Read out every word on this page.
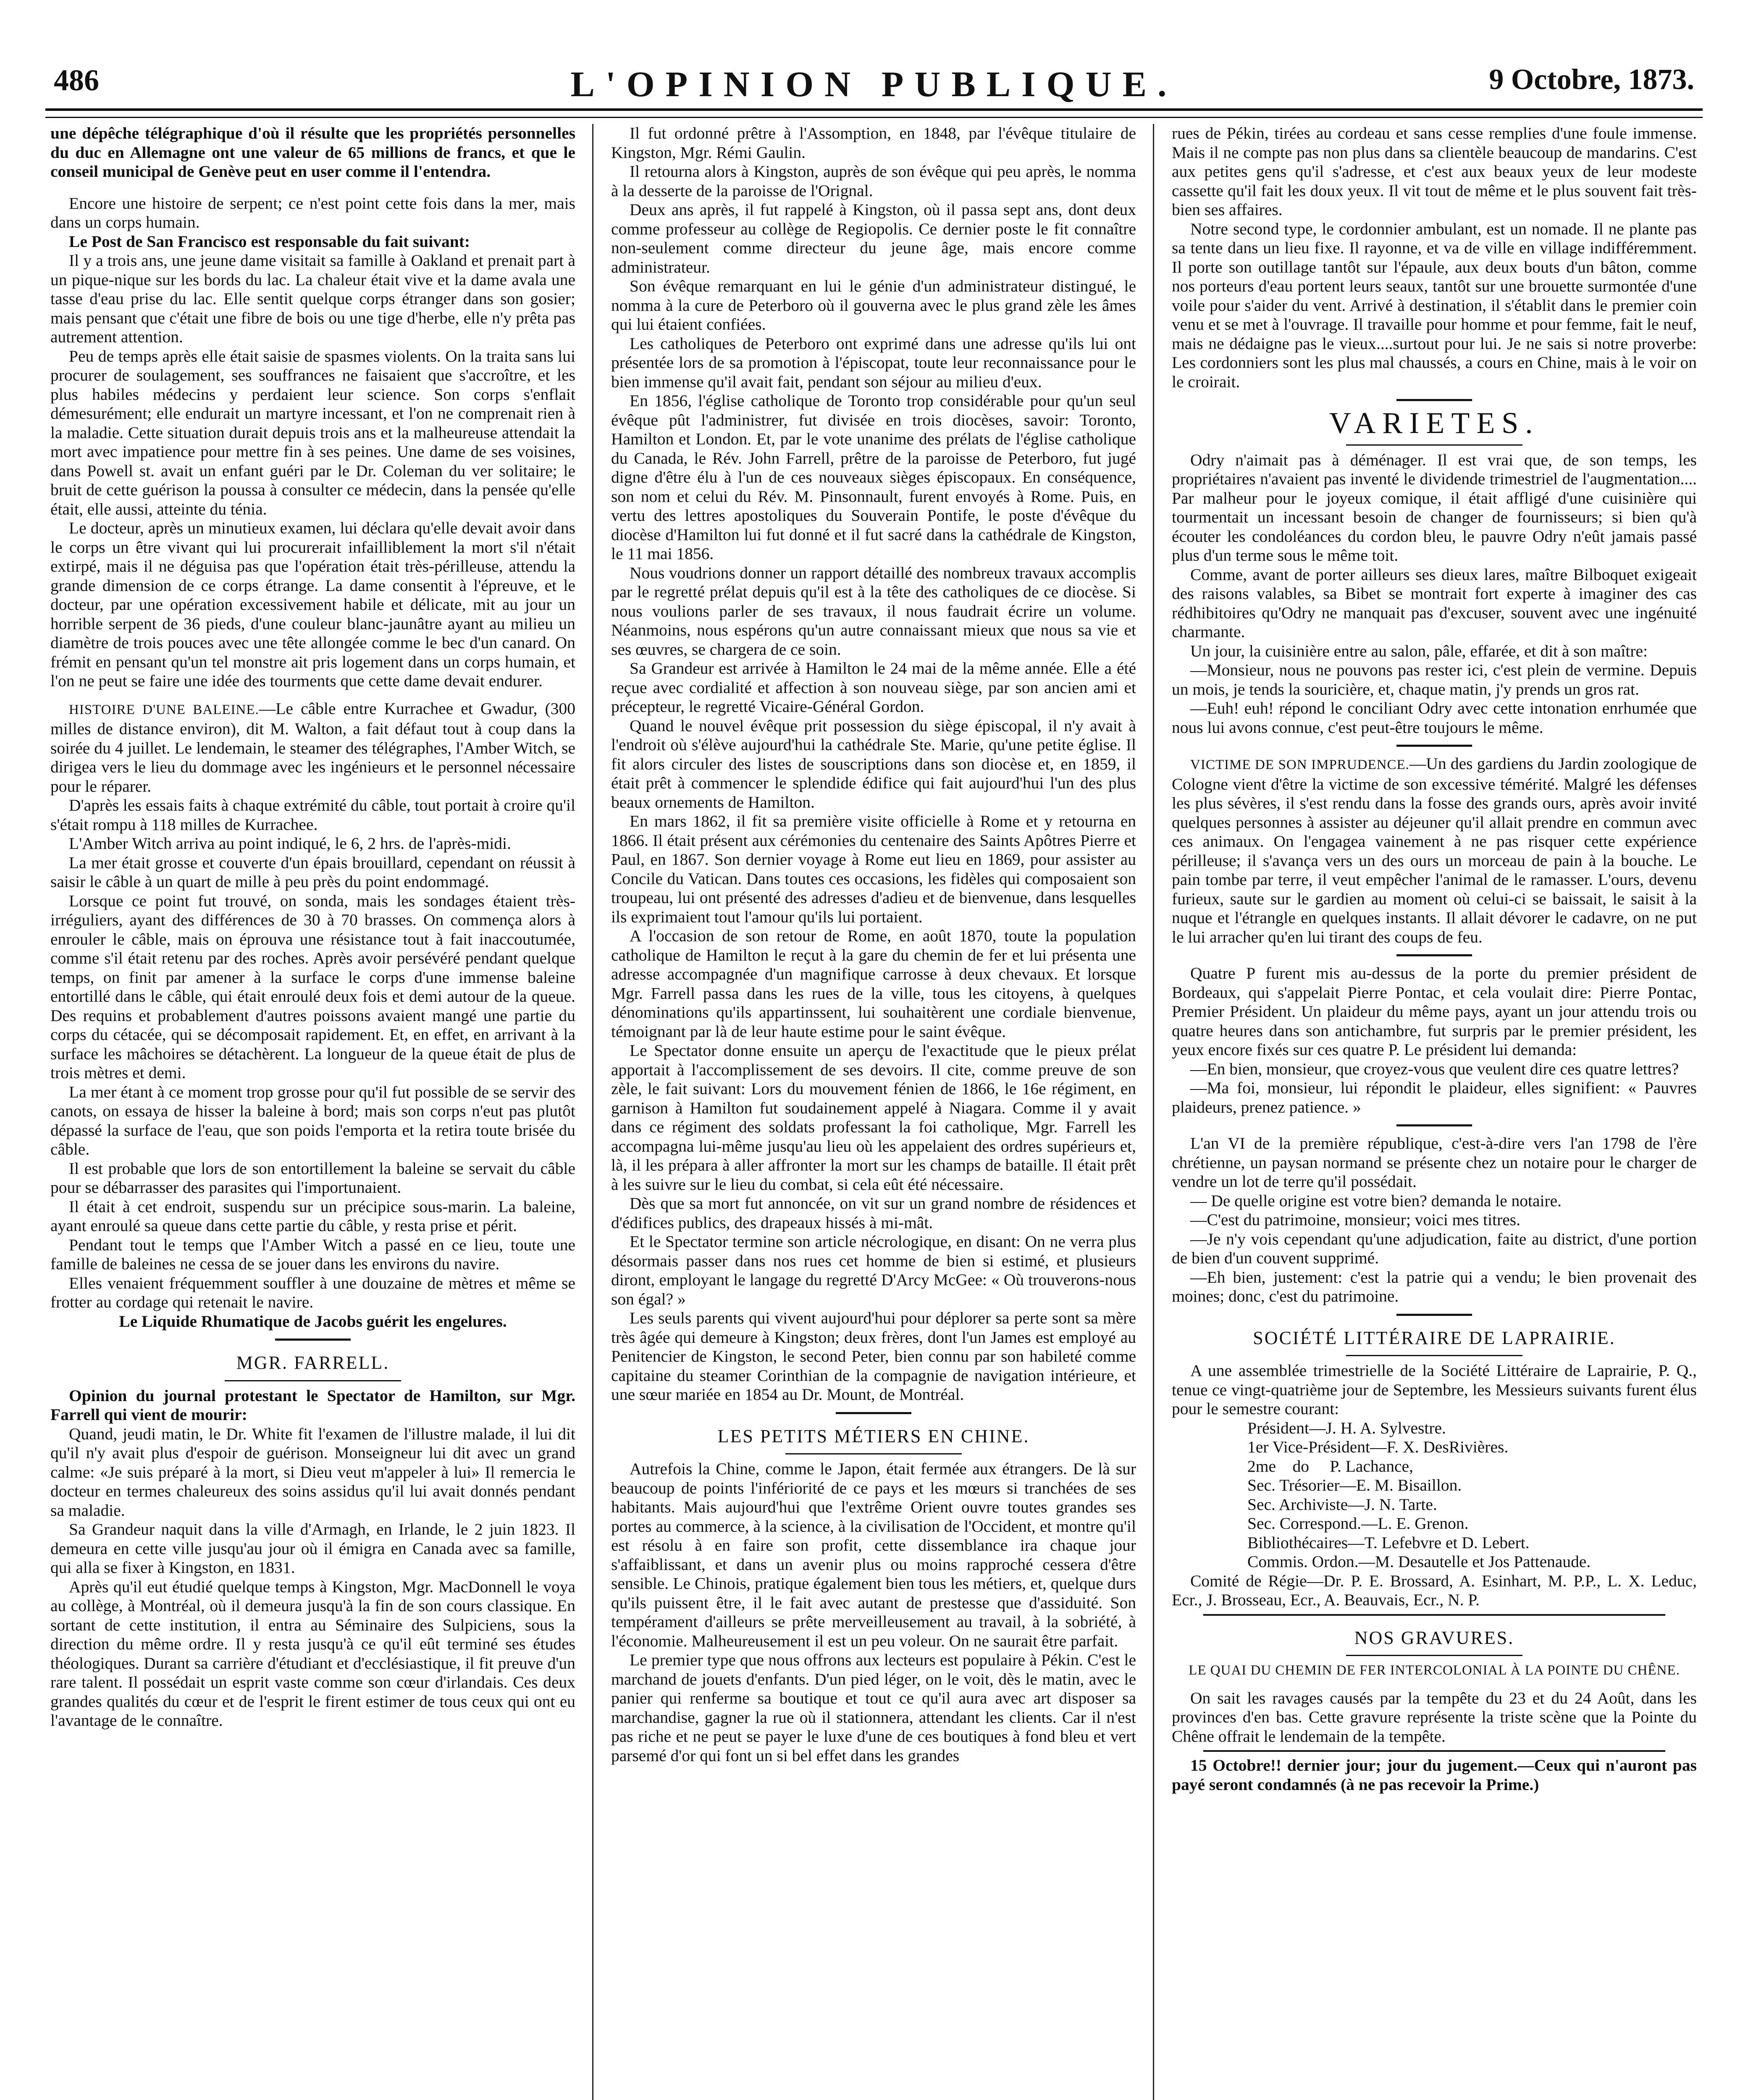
486	L'OPINION PUBLIQUE.	9 Octobre, 1873.

une dépêche télégraphique d'où il résulte que les propriétés personnelles du duc en Allemagne ont une valeur de 65 millions de francs, et que le conseil municipal de Genève peut en user comme il l'entendra.

Encore une histoire de serpent; ce n'est point cette fois dans la mer, mais dans un corps humain.

Le Post de San Francisco est responsable du fait suivant:

Il y a trois ans, une jeune dame visitait sa famille à Oakland et prenait part à un pique-nique sur les bords du lac. La chaleur était vive et la dame avala une tasse d'eau prise du lac. Elle sentit quelque corps étranger dans son gosier; mais pensant que c'était une fibre de bois ou une tige d'herbe, elle n'y prêta pas autrement attention.

Peu de temps après elle était saisie de spasmes violents. On la traita sans lui procurer de soulagement, ses souffrances ne faisaient que s'accroître, et les plus habiles médecins y perdaient leur science. Son corps s'enflait démesurément; elle endurait un martyre incessant, et l'on ne comprenait rien à la maladie. Cette situation durait depuis trois ans et la malheureuse attendait la mort avec impatience pour mettre fin à ses peines. Une dame de ses voisines, dans Powell st. avait un enfant guéri par le Dr. Coleman du ver solitaire; le bruit de cette guérison la poussa à consulter ce médecin, dans la pensée qu'elle était, elle aussi, atteinte du ténia.

Le docteur, après un minutieux examen, lui déclara qu'elle devait avoir dans le corps un être vivant qui lui procurerait infailliblement la mort s'il n'était extirpé, mais il ne déguisa pas que l'opération était très-périlleuse, attendu la grande dimension de ce corps étrange. La dame consentit à l'épreuve, et le docteur, par une opération excessivement habile et délicate, mit au jour un horrible serpent de 36 pieds, d'une couleur blanc-jaunâtre ayant au milieu un diamètre de trois pouces avec une tête allongée comme le bec d'un canard. On frémit en pensant qu'un tel monstre ait pris logement dans un corps humain, et l'on ne peut se faire une idée des tourments que cette dame devait endurer.

HISTOIRE D'UNE BALEINE.—Le câble entre Kurrachee et Gwadur, (300 milles de distance environ), dit M. Walton, a fait défaut tout à coup dans la soirée du 4 juillet. Le lendemain, le steamer des télégraphes, l'Amber Witch, se dirigea vers le lieu du dommage avec les ingénieurs et le personnel nécessaire pour le réparer.

D'après les essais faits à chaque extrémité du câble, tout portait à croire qu'il s'était rompu à 118 milles de Kurrachee.

L'Amber Witch arriva au point indiqué, le 6, 2 hrs. de l'après-midi.

La mer était grosse et couverte d'un épais brouillard, cependant on réussit à saisir le câble à un quart de mille à peu près du point endommagé.

Lorsque ce point fut trouvé, on sonda, mais les sondages étaient très-irréguliers, ayant des différences de 30 à 70 brasses. On commença alors à enrouler le câble, mais on éprouva une résistance tout à fait inaccoutumée, comme s'il était retenu par des roches. Après avoir persévéré pendant quelque temps, on finit par amener à la surface le corps d'une immense baleine entortillé dans le câble, qui était enroulé deux fois et demi autour de la queue. Des requins et probablement d'autres poissons avaient mangé une partie du corps du cétacée, qui se décomposait rapidement. Et, en effet, en arrivant à la surface les mâchoires se détachèrent. La longueur de la queue était de plus de trois mètres et demi.

La mer étant à ce moment trop grosse pour qu'il fut possible de se servir des canots, on essaya de hisser la baleine à bord; mais son corps n'eut pas plutôt dépassé la surface de l'eau, que son poids l'emporta et la retira toute brisée du câble.

Il est probable que lors de son entortillement la baleine se servait du câble pour se débarrasser des parasites qui l'importunaient.

Il était à cet endroit, suspendu sur un précipice sous-marin. La baleine, ayant enroulé sa queue dans cette partie du câble, y resta prise et périt.

Pendant tout le temps que l'Amber Witch a passé en ce lieu, toute une famille de baleines ne cessa de se jouer dans les environs du navire.

Elles venaient fréquemment souffler à une douzaine de mètres et même se frotter au cordage qui retenait le navire.

Le Liquide Rhumatique de Jacobs guérit les engelures.

MGR. FARRELL.

Opinion du journal protestant le Spectator de Hamilton, sur Mgr. Farrell qui vient de mourir:

Quand, jeudi matin, le Dr. White fit l'examen de l'illustre malade, il lui dit qu'il n'y avait plus d'espoir de guérison. Monseigneur lui dit avec un grand calme: «Je suis préparé à la mort, si Dieu veut m'appeler à lui» Il remercia le docteur en termes chaleureux des soins assidus qu'il lui avait donnés pendant sa maladie.

Sa Grandeur naquit dans la ville d'Armagh, en Irlande, le 2 juin 1823. Il demeura en cette ville jusqu'au jour où il émigra en Canada avec sa famille, qui alla se fixer à Kingston, en 1831.

Après qu'il eut étudié quelque temps à Kingston, Mgr. MacDonnell le voya au collège, à Montréal, où il demeura jusqu'à la fin de son cours classique. En sortant de cette institution, il entra au Séminaire des Sulpiciens, sous la direction du même ordre. Il y resta jusqu'à ce qu'il eût terminé ses études théologiques. Durant sa carrière d'étudiant et d'ecclésiastique, il fit preuve d'un rare talent. Il possédait un esprit vaste comme son cœur d'irlandais. Ces deux grandes qualités du cœur et de l'esprit le firent estimer de tous ceux qui ont eu l'avantage de le connaître.

Il fut ordonné prêtre à l'Assomption, en 1848, par l'évêque titulaire de Kingston, Mgr. Rémi Gaulin.

Il retourna alors à Kingston, auprès de son évêque qui peu après, le nomma à la desserte de la paroisse de l'Orignal.

Deux ans après, il fut rappelé à Kingston, où il passa sept ans, dont deux comme professeur au collège de Regiopolis. Ce dernier poste le fit connaître non-seulement comme directeur du jeune âge, mais encore comme administrateur.

Son évêque remarquant en lui le génie d'un administrateur distingué, le nomma à la cure de Peterboro où il gouverna avec le plus grand zèle les âmes qui lui étaient confiées.

Les catholiques de Peterboro ont exprimé dans une adresse qu'ils lui ont présentée lors de sa promotion à l'épiscopat, toute leur reconnaissance pour le bien immense qu'il avait fait, pendant son séjour au milieu d'eux.

En 1856, l'église catholique de Toronto trop considérable pour qu'un seul évêque pût l'administrer, fut divisée en trois diocèses, savoir: Toronto, Hamilton et London. Et, par le vote unanime des prélats de l'église catholique du Canada, le Rév. John Farrell, prêtre de la paroisse de Peterboro, fut jugé digne d'être élu à l'un de ces nouveaux sièges épiscopaux. En conséquence, son nom et celui du Rév. M. Pinsonnault, furent envoyés à Rome. Puis, en vertu des lettres apostoliques du Souverain Pontife, le poste d'évêque du diocèse d'Hamilton lui fut donné et il fut sacré dans la cathédrale de Kingston, le 11 mai 1856.

Nous voudrions donner un rapport détaillé des nombreux travaux accomplis par le regretté prélat depuis qu'il est à la tête des catholiques de ce diocèse. Si nous voulions parler de ses travaux, il nous faudrait écrire un volume. Néanmoins, nous espérons qu'un autre connaissant mieux que nous sa vie et ses œuvres, se chargera de ce soin.

Sa Grandeur est arrivée à Hamilton le 24 mai de la même année. Elle a été reçue avec cordialité et affection à son nouveau siège, par son ancien ami et précepteur, le regretté Vicaire-Général Gordon.

Quand le nouvel évêque prit possession du siège épiscopal, il n'y avait à l'endroit où s'élève aujourd'hui la cathédrale Ste. Marie, qu'une petite église. Il fit alors circuler des listes de souscriptions dans son diocèse et, en 1859, il était prêt à commencer le splendide édifice qui fait aujourd'hui l'un des plus beaux ornements de Hamilton.

En mars 1862, il fit sa première visite officielle à Rome et y retourna en 1866. Il était présent aux cérémonies du centenaire des Saints Apôtres Pierre et Paul, en 1867. Son dernier voyage à Rome eut lieu en 1869, pour assister au Concile du Vatican. Dans toutes ces occasions, les fidèles qui composaient son troupeau, lui ont présenté des adresses d'adieu et de bienvenue, dans lesquelles ils exprimaient tout l'amour qu'ils lui portaient.

A l'occasion de son retour de Rome, en août 1870, toute la population catholique de Hamilton le reçut à la gare du chemin de fer et lui présenta une adresse accompagnée d'un magnifique carrosse à deux chevaux. Et lorsque Mgr. Farrell passa dans les rues de la ville, tous les citoyens, à quelques dénominations qu'ils appartinssent, lui souhaitèrent une cordiale bienvenue, témoignant par là de leur haute estime pour le saint évêque.

Le Spectator donne ensuite un aperçu de l'exactitude que le pieux prélat apportait à l'accomplissement de ses devoirs. Il cite, comme preuve de son zèle, le fait suivant: Lors du mouvement fénien de 1866, le 16e régiment, en garnison à Hamilton fut soudainement appelé à Niagara. Comme il y avait dans ce régiment des soldats professant la foi catholique, Mgr. Farrell les accompagna lui-même jusqu'au lieu où les appelaient des ordres supérieurs et, là, il les prépara à aller affronter la mort sur les champs de bataille. Il était prêt à les suivre sur le lieu du combat, si cela eût été nécessaire.

Dès que sa mort fut annoncée, on vit sur un grand nombre de résidences et d'édifices publics, des drapeaux hissés à mi-mât.

Et le Spectator termine son article nécrologique, en disant: On ne verra plus désormais passer dans nos rues cet homme de bien si estimé, et plusieurs diront, employant le langage du regretté D'Arcy McGee: « Où trouverons-nous son égal? »

Les seuls parents qui vivent aujourd'hui pour déplorer sa perte sont sa mère très âgée qui demeure à Kingston; deux frères, dont l'un James est employé au Penitencier de Kingston, le second Peter, bien connu par son habileté comme capitaine du steamer Corinthian de la compagnie de navigation intérieure, et une sœur mariée en 1854 au Dr. Mount, de Montréal.

LES PETITS MÉTIERS EN CHINE.

Autrefois la Chine, comme le Japon, était fermée aux étrangers. De là sur beaucoup de points l'infériorité de ce pays et les mœurs si tranchées de ses habitants. Mais aujourd'hui que l'extrême Orient ouvre toutes grandes ses portes au commerce, à la science, à la civilisation de l'Occident, et montre qu'il est résolu à en faire son profit, cette dissemblance ira chaque jour s'affaiblissant, et dans un avenir plus ou moins rapproché cessera d'être sensible. Le Chinois, pratique également bien tous les métiers, et, quelque durs qu'ils puissent être, il le fait avec autant de prestesse que d'assiduité. Son tempérament d'ailleurs se prête merveilleusement au travail, à la sobriété, à l'économie. Malheureusement il est un peu voleur. On ne saurait être parfait.

Le premier type que nous offrons aux lecteurs est populaire à Pékin. C'est le marchand de jouets d'enfants. D'un pied léger, on le voit, dès le matin, avec le panier qui renferme sa boutique et tout ce qu'il aura avec art disposer sa marchandise, gagner la rue où il stationnera, attendant les clients. Car il n'est pas riche et ne peut se payer le luxe d'une de ces boutiques à fond bleu et vert parsemé d'or qui font un si bel effet dans les grandes

rues de Pékin, tirées au cordeau et sans cesse remplies d'une foule immense. Mais il ne compte pas non plus dans sa clientèle beaucoup de mandarins. C'est aux petites gens qu'il s'adresse, et c'est aux beaux yeux de leur modeste cassette qu'il fait les doux yeux. Il vit tout de même et le plus souvent fait très-bien ses affaires.

Notre second type, le cordonnier ambulant, est un nomade. Il ne plante pas sa tente dans un lieu fixe. Il rayonne, et va de ville en village indifféremment. Il porte son outillage tantôt sur l'épaule, aux deux bouts d'un bâton, comme nos porteurs d'eau portent leurs seaux, tantôt sur une brouette surmontée d'une voile pour s'aider du vent. Arrivé à destination, il s'établit dans le premier coin venu et se met à l'ouvrage. Il travaille pour homme et pour femme, fait le neuf, mais ne dédaigne pas le vieux....surtout pour lui. Je ne sais si notre proverbe: Les cordonniers sont les plus mal chaussés, a cours en Chine, mais à le voir on le croirait.

VARIETES.

Odry n'aimait pas à déménager. Il est vrai que, de son temps, les propriétaires n'avaient pas inventé le dividende trimestriel de l'augmentation.... Par malheur pour le joyeux comique, il était affligé d'une cuisinière qui tourmentait un incessant besoin de changer de fournisseurs; si bien qu'à écouter les condoléances du cordon bleu, le pauvre Odry n'eût jamais passé plus d'un terme sous le même toit.

Comme, avant de porter ailleurs ses dieux lares, maître Bilboquet exigeait des raisons valables, sa Bibet se montrait fort experte à imaginer des cas rédhibitoires qu'Odry ne manquait pas d'excuser, souvent avec une ingénuité charmante.

Un jour, la cuisinière entre au salon, pâle, effarée, et dit à son maître:

—Monsieur, nous ne pouvons pas rester ici, c'est plein de vermine. Depuis un mois, je tends la souricière, et, chaque matin, j'y prends un gros rat.

—Euh! euh! répond le conciliant Odry avec cette intonation enrhumée que nous lui avons connue, c'est peut-être toujours le même.

VICTIME DE SON IMPRUDENCE.—Un des gardiens du Jardin zoologique de Cologne vient d'être la victime de son excessive témérité. Malgré les défenses les plus sévères, il s'est rendu dans la fosse des grands ours, après avoir invité quelques personnes à assister au déjeuner qu'il allait prendre en commun avec ces animaux. On l'engagea vainement à ne pas risquer cette expérience périlleuse; il s'avança vers un des ours un morceau de pain à la bouche. Le pain tombe par terre, il veut empêcher l'animal de le ramasser. L'ours, devenu furieux, saute sur le gardien au moment où celui-ci se baissait, le saisit à la nuque et l'étrangle en quelques instants. Il allait dévorer le cadavre, on ne put le lui arracher qu'en lui tirant des coups de feu.

Quatre P furent mis au-dessus de la porte du premier président de Bordeaux, qui s'appelait Pierre Pontac, et cela voulait dire: Pierre Pontac, Premier Président. Un plaideur du même pays, ayant un jour attendu trois ou quatre heures dans son antichambre, fut surpris par le premier président, les yeux encore fixés sur ces quatre P. Le président lui demanda:

—En bien, monsieur, que croyez-vous que veulent dire ces quatre lettres?

—Ma foi, monsieur, lui répondit le plaideur, elles signifient: « Pauvres plaideurs, prenez patience. »

L'an VI de la première république, c'est-à-dire vers l'an 1798 de l'ère chrétienne, un paysan normand se présente chez un notaire pour le charger de vendre un lot de terre qu'il possédait.

— De quelle origine est votre bien? demanda le notaire.

—C'est du patrimoine, monsieur; voici mes titres.

—Je n'y vois cependant qu'une adjudication, faite au district, d'une portion de bien d'un couvent supprimé.

—Eh bien, justement: c'est la patrie qui a vendu; le bien provenait des moines; donc, c'est du patrimoine.

SOCIÉTÉ LITTÉRAIRE DE LAPRAIRIE.

A une assemblée trimestrielle de la Société Littéraire de Laprairie, P. Q., tenue ce vingt-quatrième jour de Septembre, les Messieurs suivants furent élus pour le semestre courant:

Président—J. H. A. Sylvestre.
1er Vice-Président—F. X. DesRivières.
2me    do     P. Lachance,
Sec. Trésorier—E. M. Bisaillon.
Sec. Archiviste—J. N. Tarte.
Sec. Correspond.—L. E. Grenon.
Bibliothécaires—T. Lefebvre et D. Lebert.
Commis. Ordon.—M. Desautelle et Jos Pattenaude.

Comité de Régie—Dr. P. E. Brossard, A. Esinhart, M. P.P., L. X. Leduc, Ecr., J. Brosseau, Ecr., A. Beauvais, Ecr., N. P.

NOS GRAVURES.

LE QUAI DU CHEMIN DE FER INTERCOLONIAL À LA POINTE DU CHÊNE.

On sait les ravages causés par la tempête du 23 et du 24 Août, dans les provinces d'en bas. Cette gravure représente la triste scène que la Pointe du Chêne offrait le lendemain de la tempête.

15 Octobre!! dernier jour; jour du jugement.—Ceux qui n'auront pas payé seront condamnés (à ne pas recevoir la Prime.)
